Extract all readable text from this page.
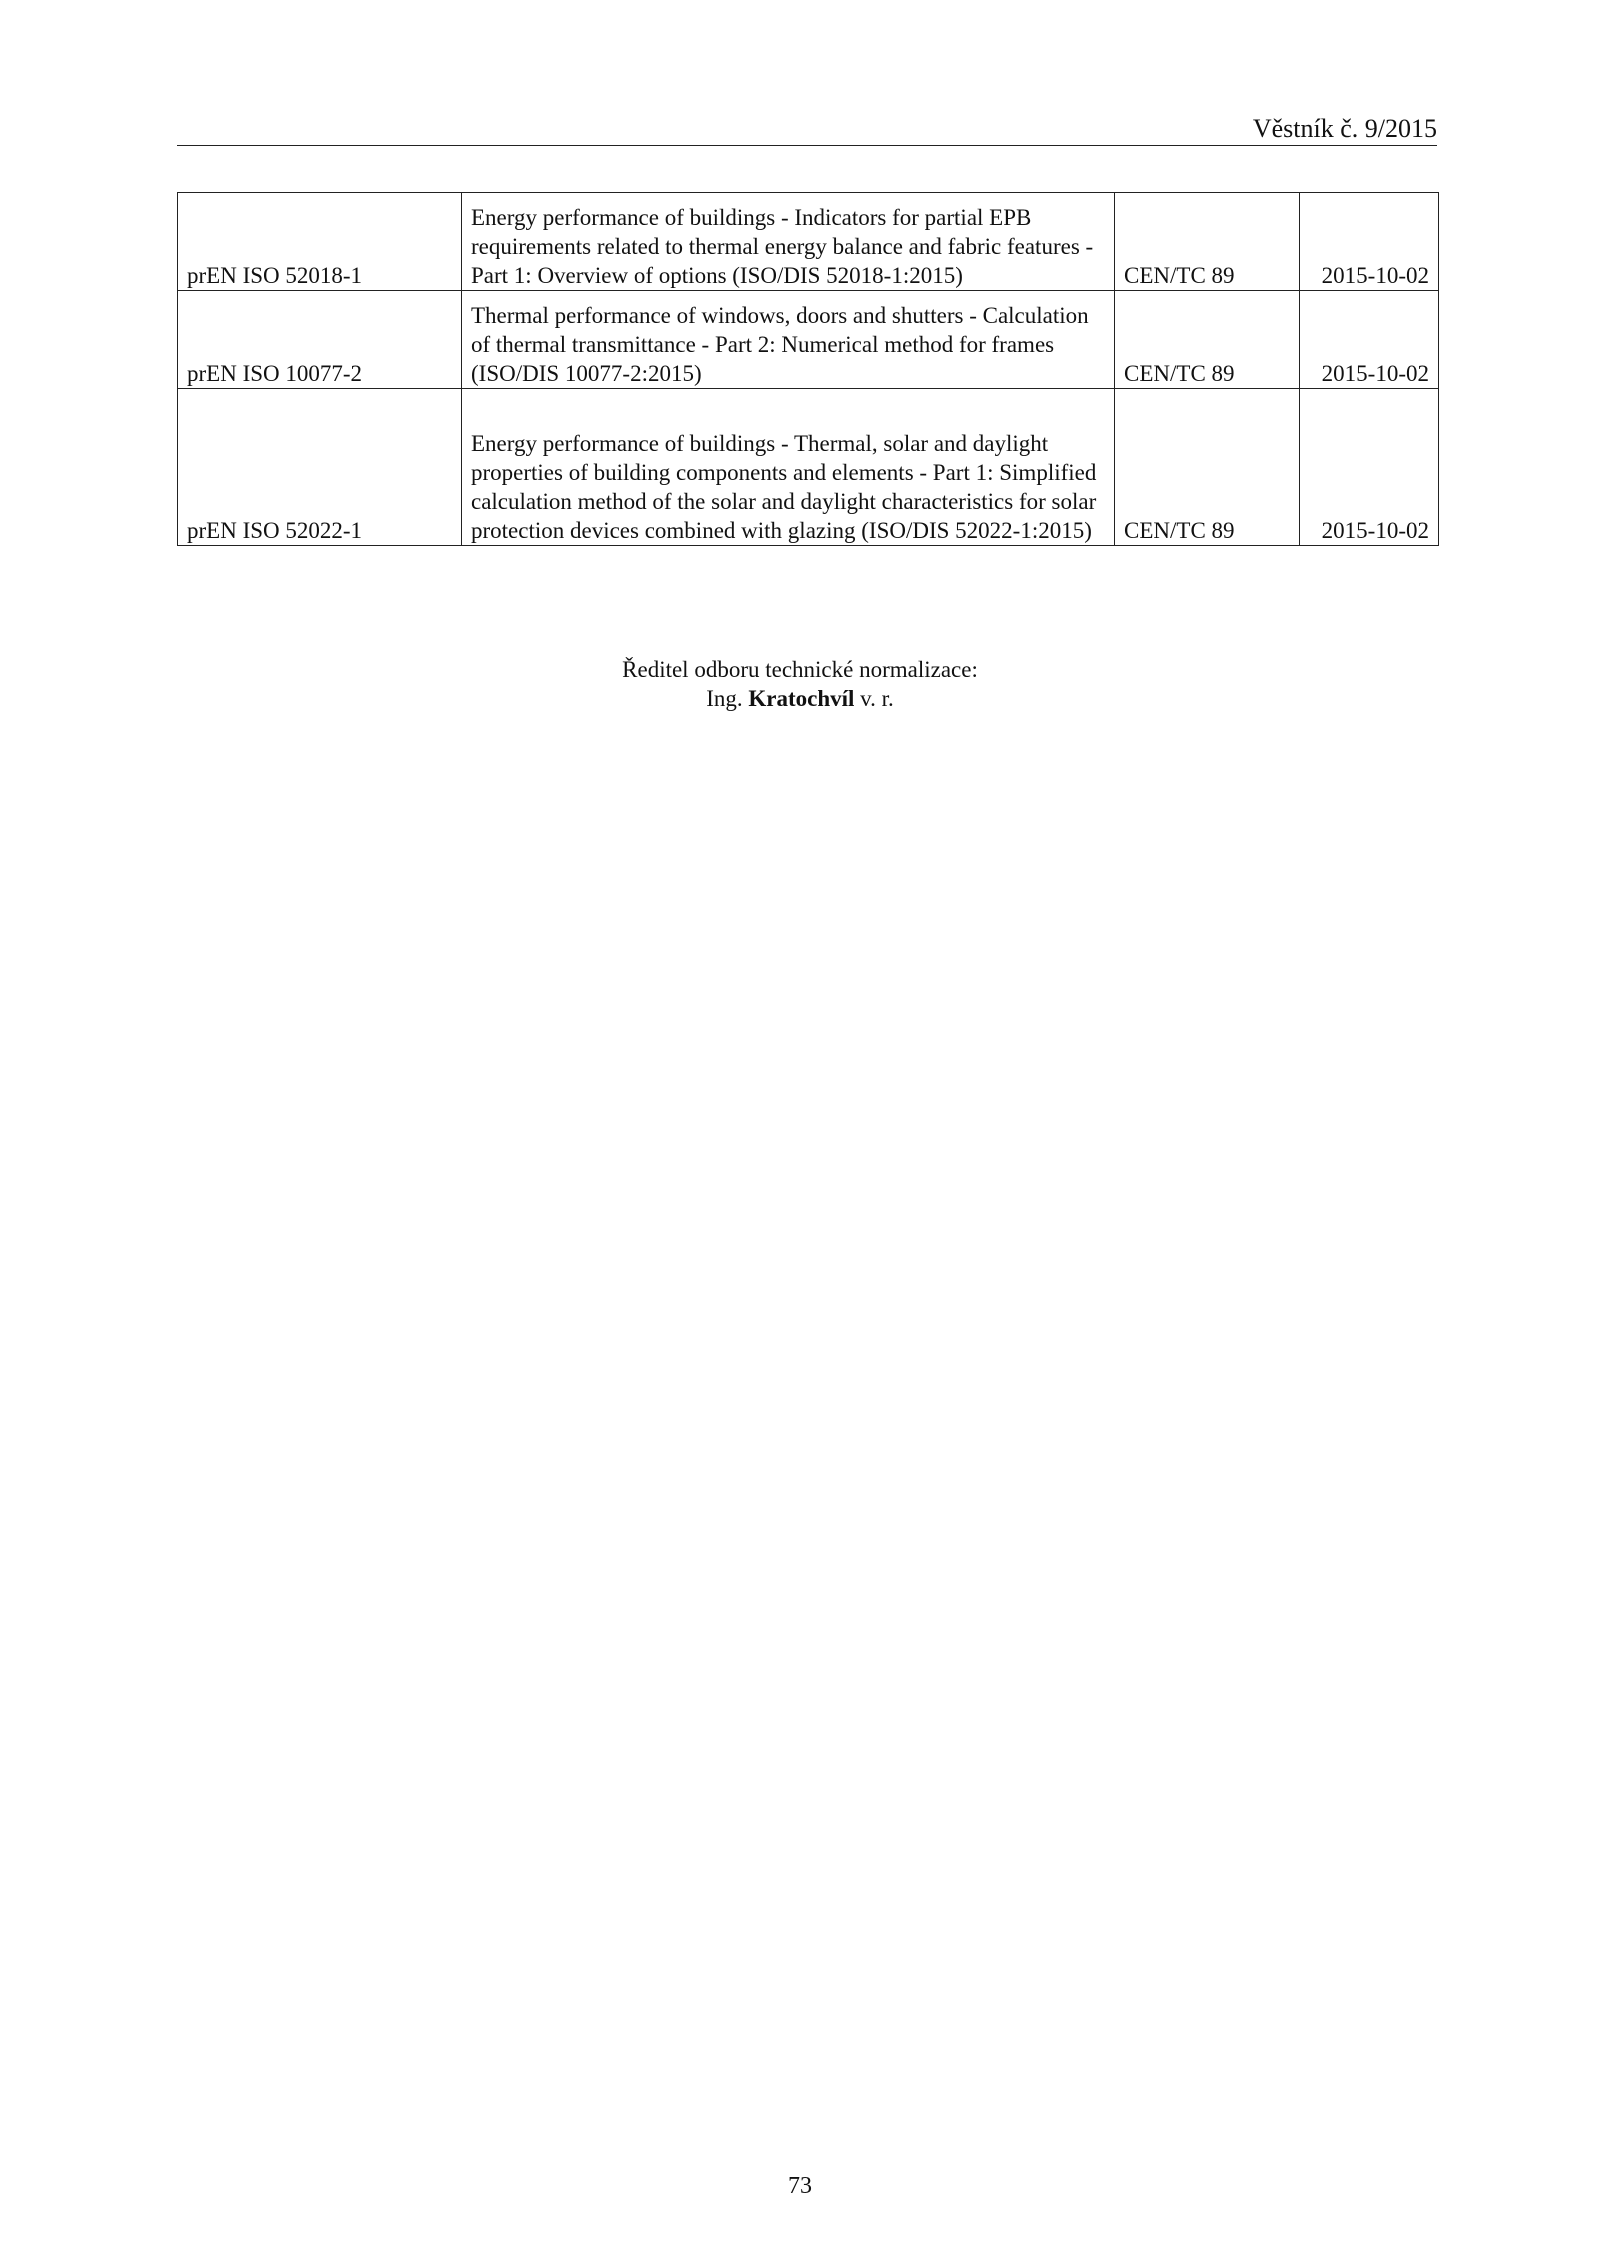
Věstník č. 9/2015
prEN ISO 52018-1	Energy performance of buildings - Indicators for partial EPB requirements related to thermal energy balance and fabric features - Part 1: Overview of options (ISO/DIS 52018-1:2015)	CEN/TC 89	2015-10-02
prEN ISO 10077-2	Thermal performance of windows, doors and shutters - Calculation of thermal transmittance - Part 2: Numerical method for frames (ISO/DIS 10077-2:2015)	CEN/TC 89	2015-10-02
prEN ISO 52022-1	Energy performance of buildings - Thermal, solar and daylight properties of building components and elements - Part 1: Simplified calculation method of the solar and daylight characteristics for solar protection devices combined with glazing (ISO/DIS 52022-1:2015)	CEN/TC 89	2015-10-02
Ředitel odboru technické normalizace:
Ing. Kratochvíl v. r.
73
